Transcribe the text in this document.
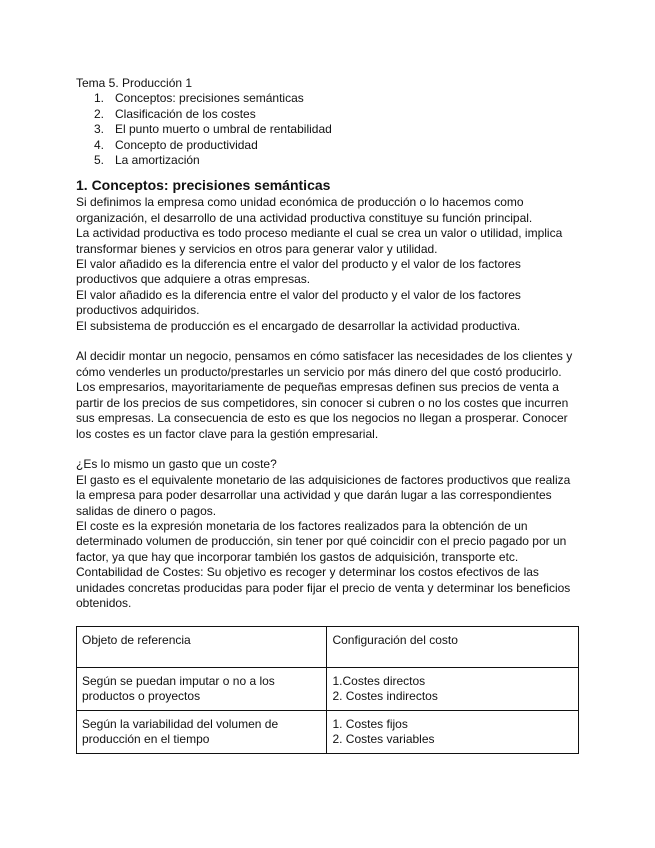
Tema 5. Producción 1
1. Conceptos: precisiones semánticas
2. Clasificación de los costes
3. El punto muerto o umbral de rentabilidad
4. Concepto de productividad
5. La amortización
1. Conceptos: precisiones semánticas

Si definimos la empresa como unidad económica de producción o lo hacemos como organización, el desarrollo de una actividad productiva constituye su función principal.

La actividad productiva es todo proceso mediante el cual se crea un valor o utilidad, implica transformar bienes y servicios en otros para generar valor y utilidad.

El valor añadido es la diferencia entre el valor del producto y el valor de los factores productivos que adquiere a otras empresas.

El valor añadido es la diferencia entre el valor del producto y el valor de los factores productivos adquiridos.

El subsistema de producción es el encargado de desarrollar la actividad productiva.

Al decidir montar un negocio, pensamos en cómo satisfacer las necesidades de los clientes y cómo venderles un producto/prestarles un servicio por más dinero del que costó producirlo. Los empresarios, mayoritariamente de pequeñas empresas definen sus precios de venta a partir de los precios de sus competidores, sin conocer si cubren o no los costes que incurren sus empresas. La consecuencia de esto es que los negocios no llegan a prosperar. Conocer los costes es un factor clave para la gestión empresarial.

¿Es lo mismo un gasto que un coste?

El gasto es el equivalente monetario de las adquisiciones de factores productivos que realiza la empresa para poder desarrollar una actividad y que darán lugar a las correspondientes salidas de dinero o pagos.

El coste es la expresión monetaria de los factores realizados para la obtención de un determinado volumen de producción, sin tener por qué coincidir con el precio pagado por un factor, ya que hay que incorporar también los gastos de adquisición, transporte etc.

Contabilidad de Costes: Su objetivo es recoger y determinar los costos efectivos de las unidades concretas producidas para poder fijar el precio de venta y determinar los beneficios obtenidos.

Objeto de referencia	Configuración del costo
Según se puedan imputar o no a los productos o proyectos	1.Costes directos
2. Costes indirectos

Según la variabilidad del volumen de producción en el tiempo	1. Costes fijos
2. Costes variables
